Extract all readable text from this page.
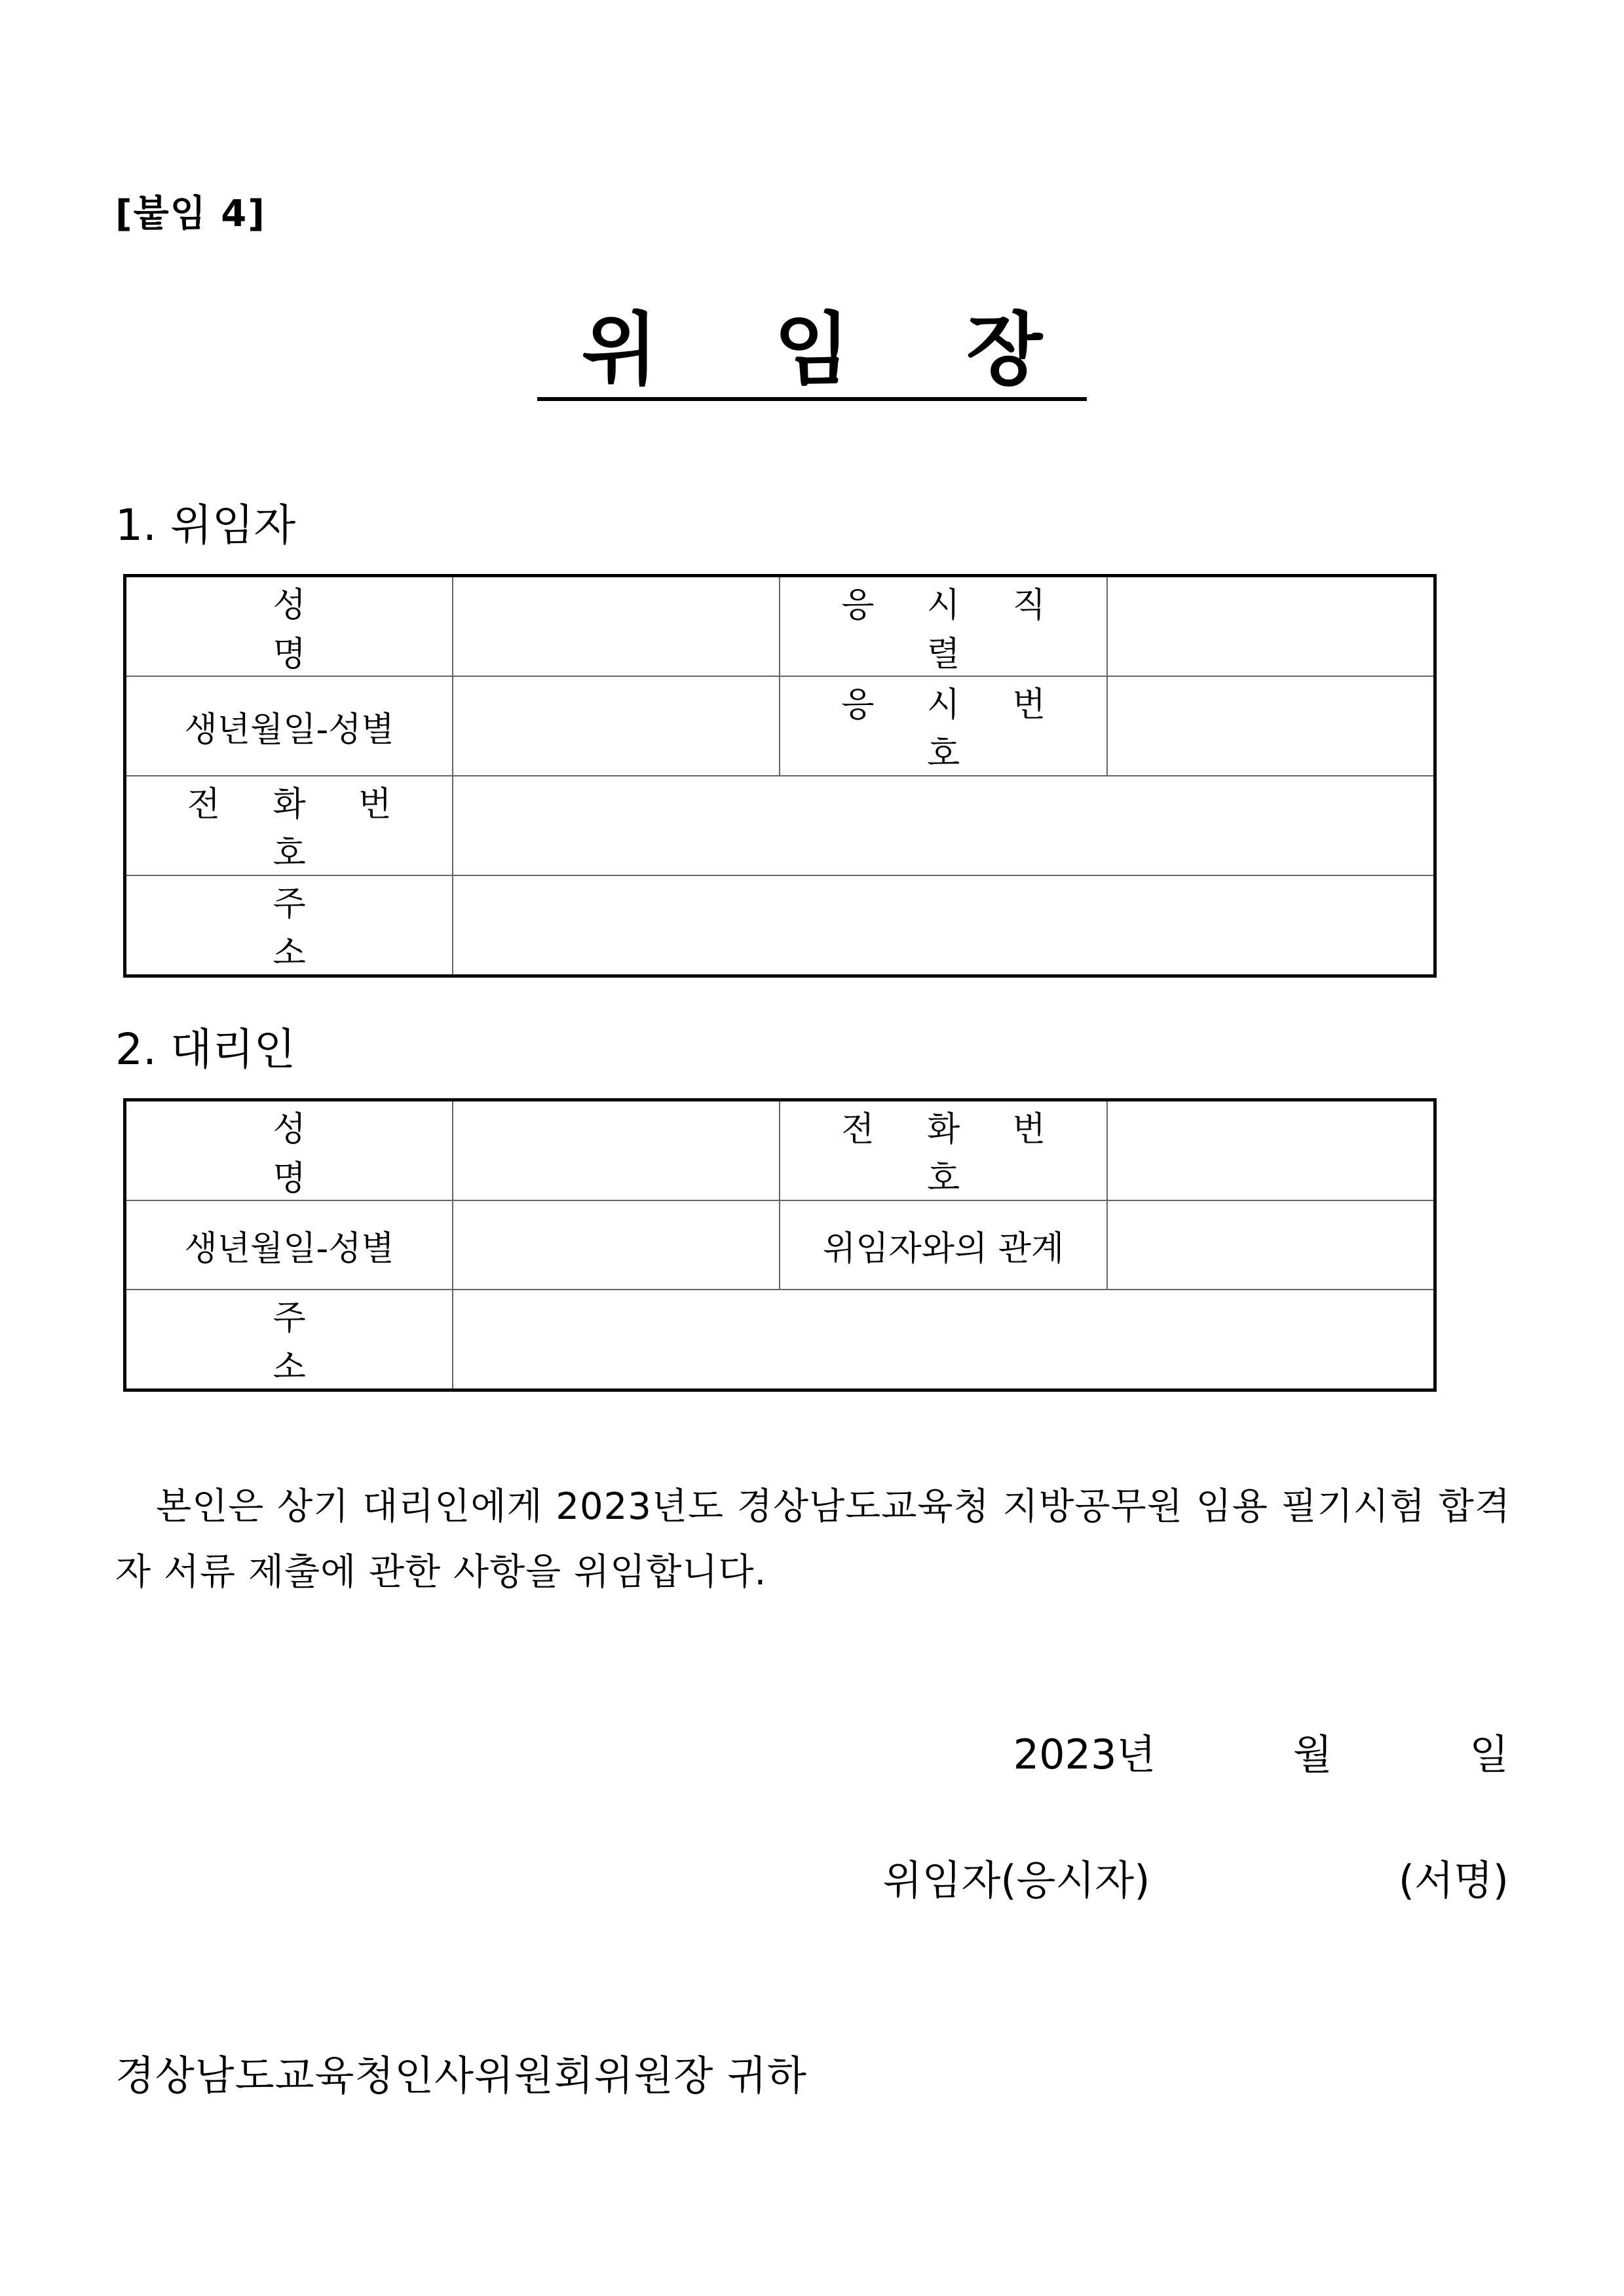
[붙임 4]
위 임 장
1. 위임자
성 명		응 시 직 렬	
생년월일-성별		응 시 번 호	
전 화 번 호			
주 소			
2. 대리인
성 명		전 화 번 호	
생년월일-성별		위임자와의 관계	
주 소			
본인은 상기 대리인에게 2023년도 경상남도교육청 지방공무원 임용 필기시험 합격자 서류 제출에 관한 사항을 위임합니다.
2023년	월	일
위임자(응시자)	(서명)
경상남도교육청인사위원회위원장 귀하
